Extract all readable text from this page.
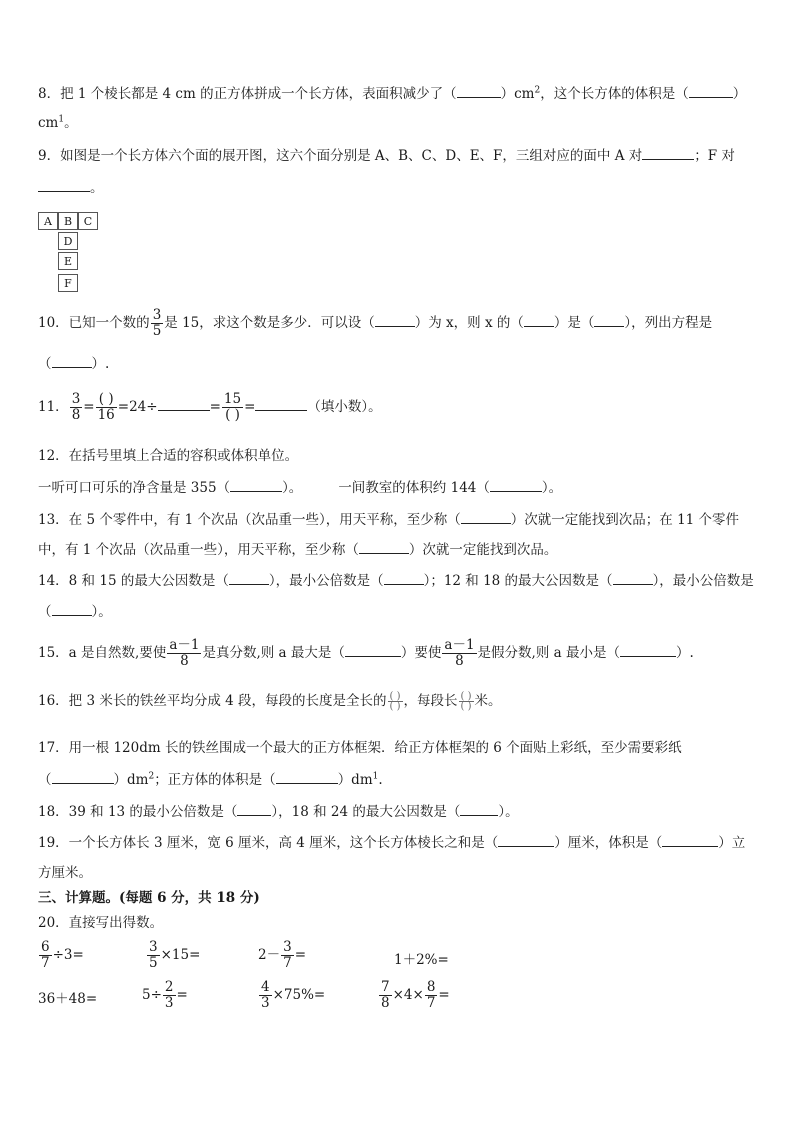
8．把 1 个棱长都是 4 cm 的正方体拼成一个长方体，表面积减少了（	）$cm^2$，这个长方体的体积是（	）
$cm^1$。
9．如图是一个长方体六个面的展开图，这六个面分别是 A、B、C、D、E、F，三组对应的面中 A 对	；F 对
。
A	B	C
D
E
F
10．已知一个数的 $\frac{3}{5}$ 是 15，求这个数是多少．可以设（	）为 x，则 x 的（ ）是（ ），列出方程是
（	）.
11． $\frac{3}{8} = \frac{( )}{16} =24\div$	= $\frac{15}{( )}$ =	（填小数）。
12．在括号里填上合适的容积或体积单位。
一听可口可乐的净含量是 355（	）。	一间教室的体积约 144（	）。
13．在 5 个零件中，有 1 个次品（次品重一些），用天平称，至少称（	）次就一定能找到次品；在 11 个零件
中，有 1 个次品（次品重一些），用天平称，至少称（	）次就一定能找到次品。
14．8 和 15 的最大公因数是（	），最小公倍数是（	）；12 和 18 的最大公因数是（	），最小公倍数是
（	）。
15．a 是自然数,要使 $\frac{a-1}{8}$ 是真分数,则 a 最大是（	）要使 $\frac{a-1}{8}$ 是假分数,则 a 最小是（	）.
16．把 3 米长的铁丝平均分成 4 段，每段的长度是全长的 $\frac{( )}{( )}$ ，每段长 $\frac{( )}{( )}$ 米。
17．用一根 120dm 长的铁丝围成一个最大的正方体框架．给正方体框架的 6 个面贴上彩纸，至少需要彩纸
（	）$dm^2$；正方体的体积是（	）$dm^1$.
18．39 和 13 的最小公倍数是（	），18 和 24 的最大公因数是（	）。
19．一个长方体长 3 厘米，宽 6 厘米，高 4 厘米，这个长方体棱长之和是（	）厘米，体积是（	）立
方厘米。
三、计算题。(每题 6 分，共 18 分)
20．直接写出得数。
$\frac{6}{7} \div 3=$	$\frac{3}{5} \times 15=$	$2- \frac{3}{7}$ =	1＋2%=
36＋48=	$5\div \frac{2}{3}$ =	$\frac{4}{3} \times 75\%=$	$\frac{7}{8} \times 4\times \frac{8}{7}$ =
